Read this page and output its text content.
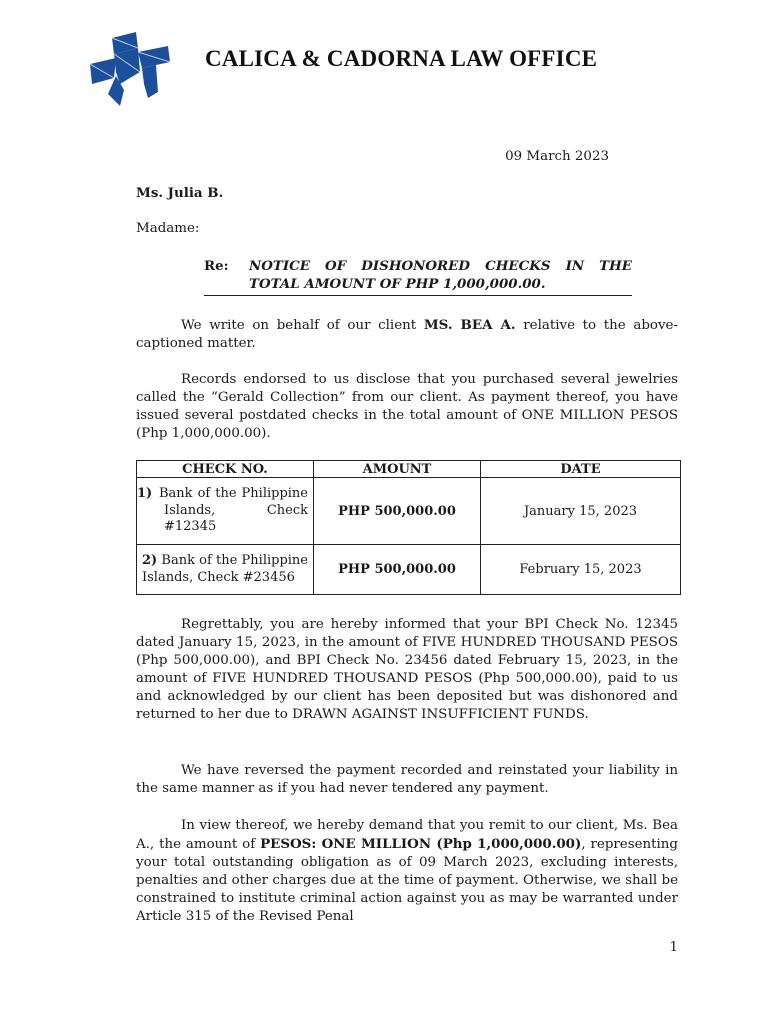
CALICA & CADORNA LAW OFFICE
09 March 2023
Ms. Julia B.
Madame:
Re: NOTICE OF DISHONORED CHECKS IN THE
TOTAL AMOUNT OF PHP 1,000,000.00.

We write on behalf of our client MS. BEA A. relative to the above-captioned matter.

Records endorsed to us disclose that you purchased several jewelries called the “Gerald Collection” from our client. As payment thereof, you have issued several postdated checks in the total amount of ONE MILLION PESOS (Php 1,000,000.00).

CHECK NO.	AMOUNT	DATE
1) Bank of the Philippine Islands, Check #12345	PHP 500,000.00	January 15, 2023
2) Bank of the Philippine Islands, Check #23456	PHP 500,000.00	February 15, 2023

Regrettably, you are hereby informed that your BPI Check No. 12345 dated January 15, 2023, in the amount of FIVE HUNDRED THOUSAND PESOS (Php 500,000.00), and BPI Check No. 23456 dated February 15, 2023, in the amount of FIVE HUNDRED THOUSAND PESOS (Php 500,000.00), paid to us and acknowledged by our client has been deposited but was dishonored and returned to her due to DRAWN AGAINST INSUFFICIENT FUNDS.

We have reversed the payment recorded and reinstated your liability in the same manner as if you had never tendered any payment.

In view thereof, we hereby demand that you remit to our client, Ms. Bea A., the amount of PESOS: ONE MILLION (Php 1,000,000.00), representing your total outstanding obligation as of 09 March 2023, excluding interests, penalties and other charges due at the time of payment. Otherwise, we shall be constrained to institute criminal action against you as may be warranted under Article 315 of the Revised Penal

1
